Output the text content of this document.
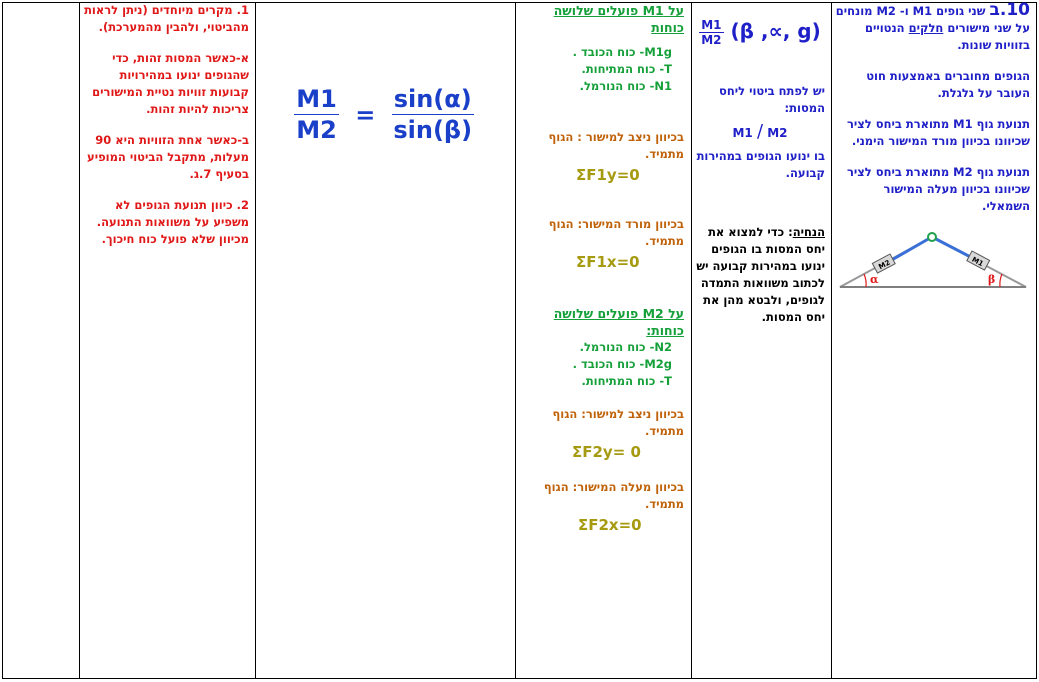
10.ב שני גופים M1 ו- M2 מונחים על שני מישורים חלקים הנטויים בזוויות שונות.
הגופים מחוברים באמצעות חוט העובר על גלגלת.
תנועת גוף M1 מתוארת ביחס לציר שכיוונו בכיוון מורד המישור הימני.
תנועת גוף M2 מתוארת ביחס לציר שכיוונו בכיוון מעלה המישור השמאלי.
M2	M1
α	β
$\frac{M1}{M2} (\beta$ ,∝, g)
יש לפתח ביטוי ליחס המסות:
M1 / M2
בו ינועו הגופים במהירות קבועה.
הנחיה: כדי למצוא את יחס המסות בו הגופים ינועו במהירות קבועה יש לכתוב משוואות התמדה לגופים, ולבטא מהן את יחס המסות.
על M1 פועלים שלושה כוחות
M1g- כוח הכובד .
T- כוח המתיחות.
N1- כוח הנורמל.
בכיוון ניצב למישור : הגוף מתמיד.
ΣF1y=0
בכיוון מורד המישור: הגוף מתמיד.
ΣF1x=0
על M2 פועלים שלושה כוחות:
N2- כוח הנורמל.
M2g- כוח הכובד .
T- כוח המתיחות.
בכיוון ניצב למישור: הגוף מתמיד.
ΣF2y= 0
בכיוון מעלה המישור: הגוף מתמיד.
ΣF2x=0
$\frac{M1}{M2} = \frac{\sin(\alpha)}{\sin(\beta)}$
1. מקרים מיוחדים (ניתן לראות מהביטוי, ולהבין מהמערכת).
א-כאשר המסות זהות, כדי שהגופים ינועו במהירויות קבועות זוויות נטיית המישורים צריכות להיות זהות.
ב-כאשר אחת הזוויות היא 90 מעלות, מתקבל הביטוי המופיע בסעיף 7.ג.
2. כיוון תנועת הגופים לא משפיע על משוואות התנועה. מכיוון שלא פועל כוח חיכוך.
